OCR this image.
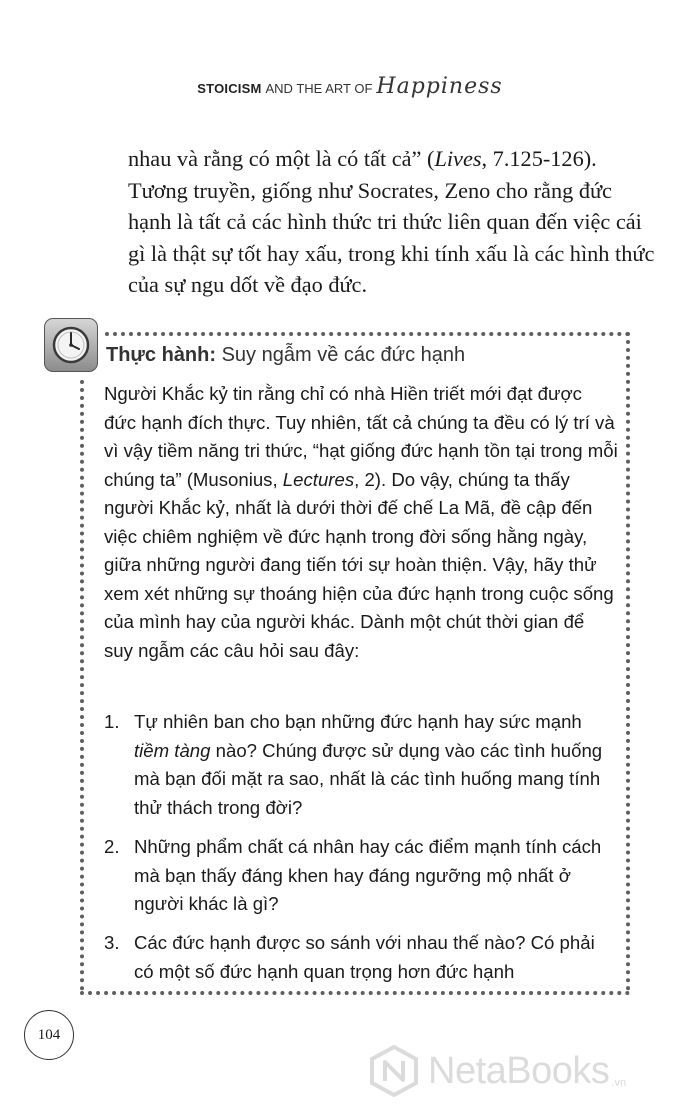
STOICISM AND THE ART OF Happiness

nhau và rằng có một là có tất cả” (Lives, 7.125-126). Tương truyền, giống như Socrates, Zeno cho rằng đức hạnh là tất cả các hình thức tri thức liên quan đến việc cái gì là thật sự tốt hay xấu, trong khi tính xấu là các hình thức của sự ngu dốt về đạo đức.

Thực hành: Suy ngẫm về các đức hạnh

Người Khắc kỷ tin rằng chỉ có nhà Hiền triết mới đạt được đức hạnh đích thực. Tuy nhiên, tất cả chúng ta đều có lý trí và vì vậy tiềm năng tri thức, “hạt giống đức hạnh tồn tại trong mỗi chúng ta” (Musonius, Lectures, 2). Do vậy, chúng ta thấy người Khắc kỷ, nhất là dưới thời đế chế La Mã, đề cập đến việc chiêm nghiệm về đức hạnh trong đời sống hằng ngày, giữa những người đang tiến tới sự hoàn thiện. Vậy, hãy thử xem xét những sự thoáng hiện của đức hạnh trong cuộc sống của mình hay của người khác. Dành một chút thời gian để suy ngẫm các câu hỏi sau đây:

1. Tự nhiên ban cho bạn những đức hạnh hay sức mạnh tiềm tàng nào? Chúng được sử dụng vào các tình huống mà bạn đối mặt ra sao, nhất là các tình huống mang tính thử thách trong đời?
2. Những phẩm chất cá nhân hay các điểm mạnh tính cách mà bạn thấy đáng khen hay đáng ngưỡng mộ nhất ở người khác là gì?
3. Các đức hạnh được so sánh với nhau thế nào? Có phải có một số đức hạnh quan trọng hơn đức hạnh
104
NetaBooks .vn
